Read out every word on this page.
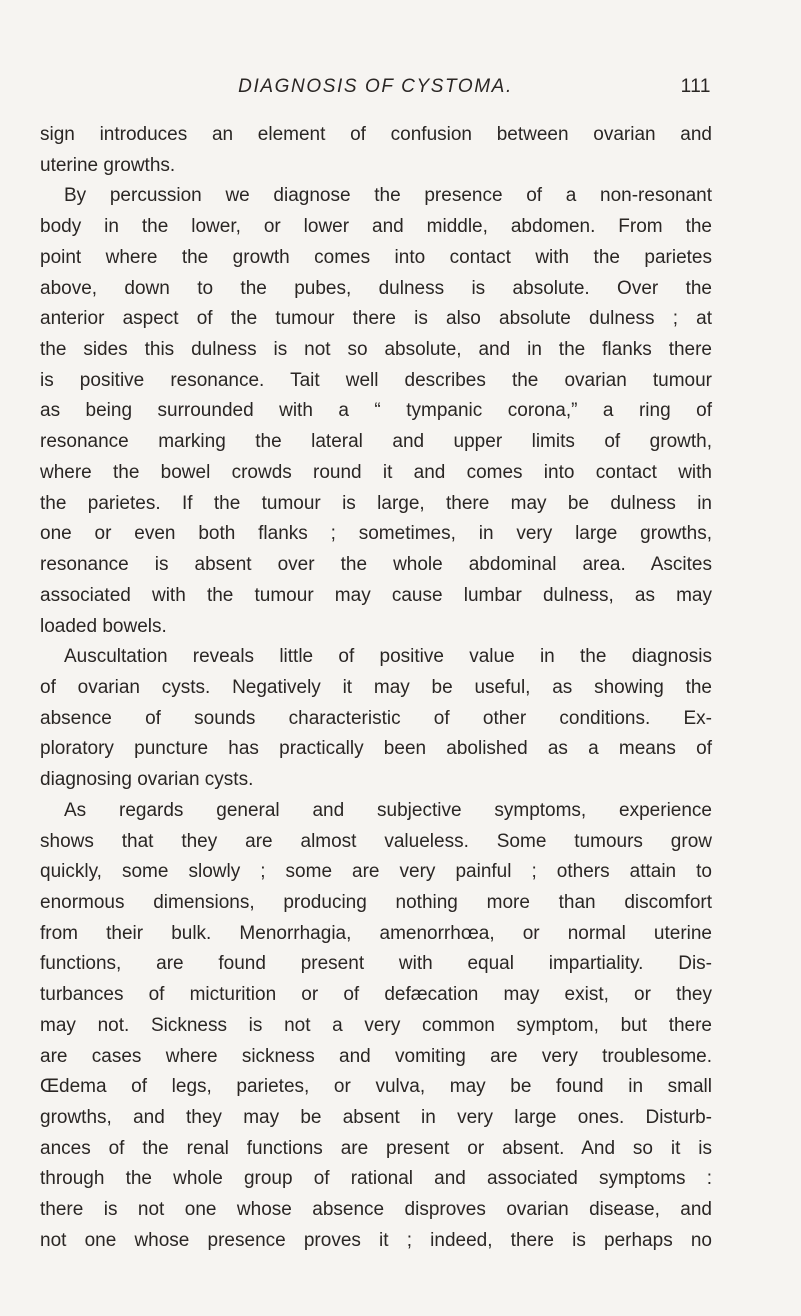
DIAGNOSIS OF CYSTOMA.	111
sign introduces an element of confusion between ovarian and
uterine growths.
By percussion we diagnose the presence of a non-resonant
body in the lower, or lower and middle, abdomen. From the
point where the growth comes into contact with the parietes
above, down to the pubes, dulness is absolute. Over the
anterior aspect of the tumour there is also absolute dulness ; at
the sides this dulness is not so absolute, and in the flanks there
is positive resonance. Tait well describes the ovarian tumour
as being surrounded with a “ tympanic corona,” a ring of
resonance marking the lateral and upper limits of growth,
where the bowel crowds round it and comes into contact with
the parietes. If the tumour is large, there may be dulness in
one or even both flanks ; sometimes, in very large growths,
resonance is absent over the whole abdominal area. Ascites
associated with the tumour may cause lumbar dulness, as may
loaded bowels.
Auscultation reveals little of positive value in the diagnosis
of ovarian cysts. Negatively it may be useful, as showing the
absence of sounds characteristic of other conditions. Ex-
ploratory puncture has practically been abolished as a means of
diagnosing ovarian cysts.
As regards general and subjective symptoms, experience
shows that they are almost valueless. Some tumours grow
quickly, some slowly ; some are very painful ; others attain to
enormous dimensions, producing nothing more than discomfort
from their bulk. Menorrhagia, amenorrhœa, or normal uterine
functions, are found present with equal impartiality. Dis-
turbances of micturition or of defæcation may exist, or they
may not. Sickness is not a very common symptom, but there
are cases where sickness and vomiting are very troublesome.
Œdema of legs, parietes, or vulva, may be found in small
growths, and they may be absent in very large ones. Disturb-
ances of the renal functions are present or absent. And so it is
through the whole group of rational and associated symptoms :
there is not one whose absence disproves ovarian disease, and
not one whose presence proves it ; indeed, there is perhaps no
